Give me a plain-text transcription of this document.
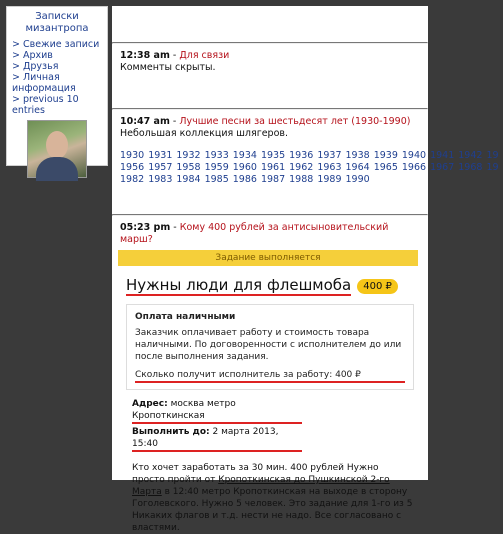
Записки
мизантропа
> Свежие записи
> Архив
> Друзья
> Личная
информация
> previous 10 entries
12:38 am - Для связи
Комменты скрыты.
10:47 am - Лучшие песни за шестьдесят лет (1930-1990)
Небольшая коллекция шлягеров.
1930 1931 1932 1933 1934 1935 1936 1937 1938 1939 1940 1941 1942 19
1956 1957 1958 1959 1960 1961 1962 1963 1964 1965 1966 1967 1968 19
1982 1983 1984 1985 1986 1987 1988 1989 1990
05:23 pm - Кому 400 рублей за антисыновительский марш?
Задание выполняется
Нужны люди для флешмоба	400 ₽
Оплата наличными
Заказчик оплачивает работу и стоимость товара наличными. По договоренности с исполнителем до или после выполнения задания.
Сколько получит исполнитель за работу: 400 ₽
Адрес: москва метро Кропоткинская
Выполнить до: 2 марта 2013, 15:40
Кто хочет заработать за 30 мин. 400 рублей Нужно просто пройти от Кропоткинская до Пушкинской 2-го Марта в 12:40 метро Кропоткинская на выходе в сторону Гоголевского. Нужно 5 человек. Это задание для 1-го из 5 Никаких флагов и т.д. нести не надо. Все согласовано с властями.
